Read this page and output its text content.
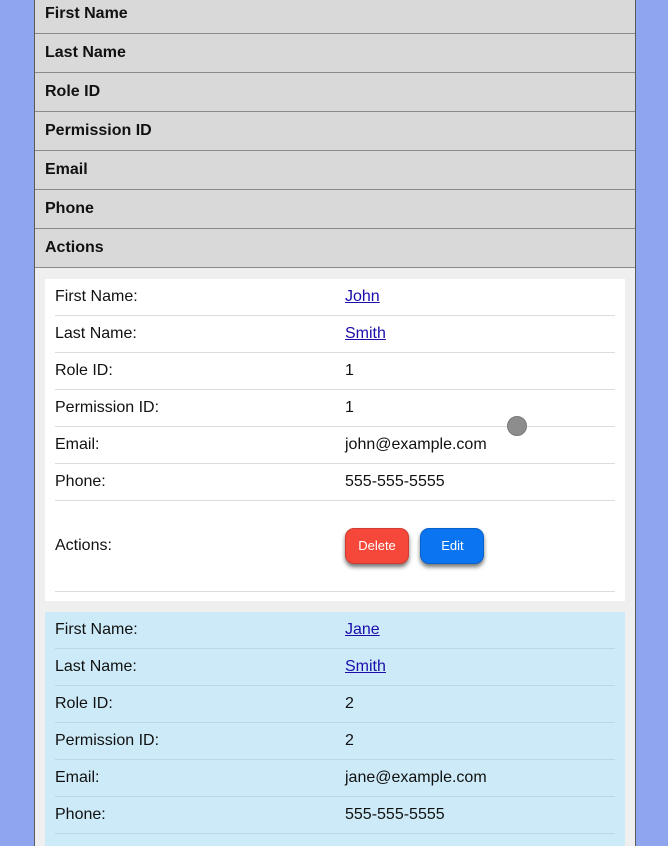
First Name
Last Name
Role ID
Permission ID
Email
Phone
Actions
First Name:	John
Last Name:	Smith
Role ID:	1
Permission ID:	1
Email:	john@example.com
Phone:	555-555-5555
Actions:	Delete	Edit
First Name:	Jane
Last Name:	Smith
Role ID:	2
Permission ID:	2
Email:	jane@example.com
Phone:	555-555-5555
